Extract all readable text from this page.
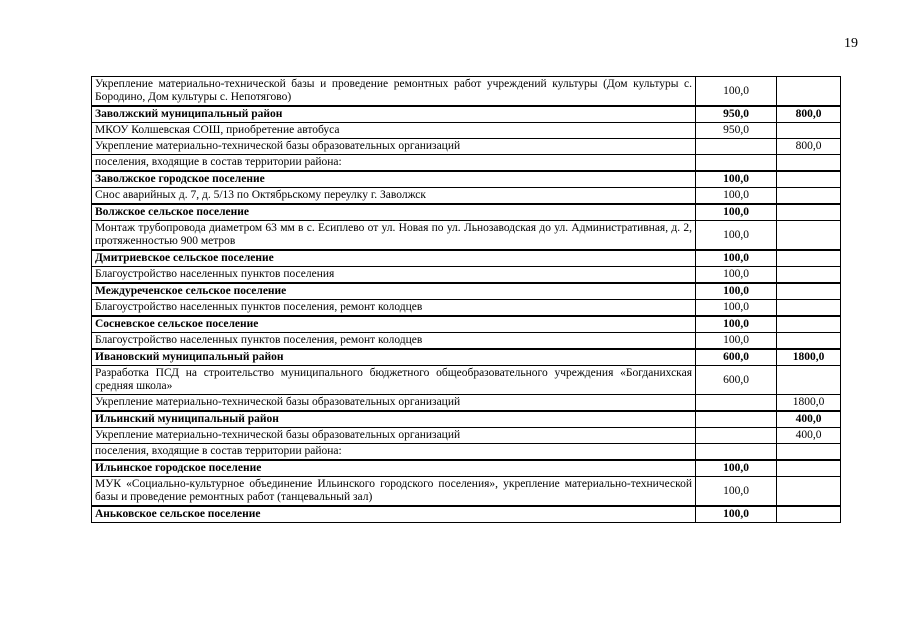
19
Укрепление материально-технической базы и проведение ремонтных работ учреждений культуры (Дом культуры с. Бородино, Дом культуры с. Непотягово)	100,0	
Заволжский муниципальный район	950,0	800,0
МКОУ Колшевская СОШ, приобретение автобуса	950,0	
Укрепление материально-технической базы образовательных организаций		800,0
поселения, входящие в состав территории района:		
Заволжское городское поселение	100,0	
Снос аварийных д. 7, д. 5/13 по Октябрьскому переулку г. Заволжск	100,0	
Волжское сельское поселение	100,0	
Монтаж трубопровода диаметром 63 мм в с. Есиплево от ул. Новая по ул. Льнозаводская до ул. Административная, д. 2, протяженностью 900 метров	100,0	
Дмитриевское сельское поселение	100,0	
Благоустройство населенных пунктов поселения	100,0	
Междуреченское сельское поселение	100,0	
Благоустройство населенных пунктов поселения, ремонт колодцев	100,0	
Сосневское сельское поселение	100,0	
Благоустройство населенных пунктов поселения, ремонт колодцев	100,0	
Ивановский муниципальный район	600,0	1800,0
Разработка ПСД на строительство муниципального бюджетного общеобразовательного учреждения «Богданихская средняя школа»	600,0	
Укрепление материально-технической базы образовательных организаций		1800,0
Ильинский муниципальный район		400,0
Укрепление материально-технической базы образовательных организаций		400,0
поселения, входящие в состав территории района:		
Ильинское городское поселение	100,0	
МУК «Социально-культурное объединение Ильинского городского поселения», укрепление материально-технической базы и проведение ремонтных работ (танцевальный зал)	100,0	
Аньковское сельское поселение	100,0	
